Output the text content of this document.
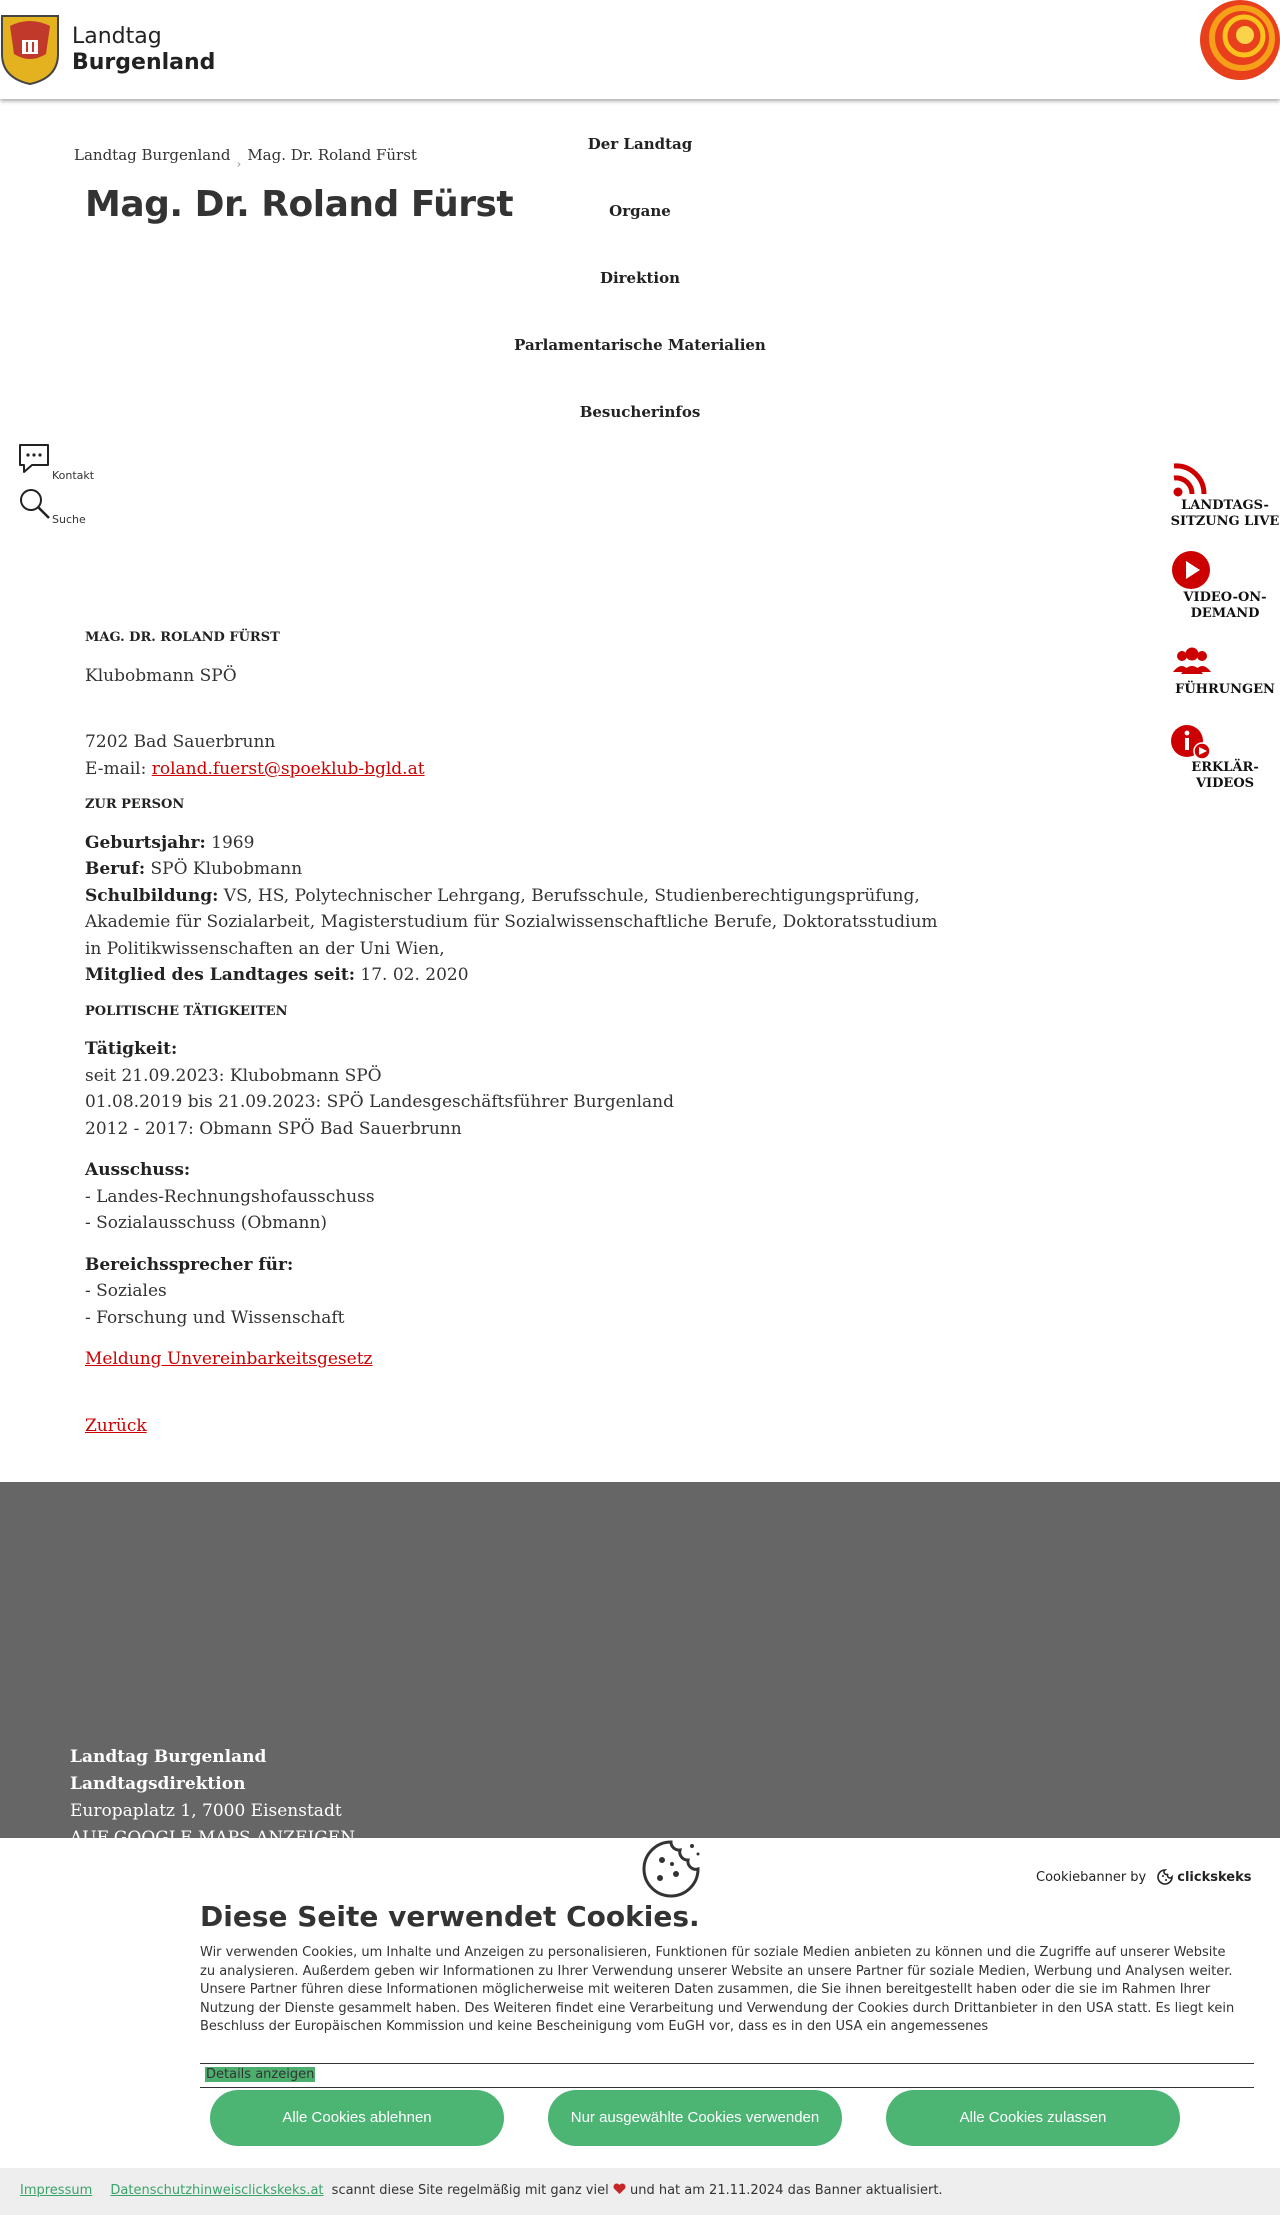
Landtag
Burgenland
Der Landtag
Organe
Direktion
Parlamentarische Materialien
Besucherinfos
Landtag Burgenland $_›$ Mag. Dr. Roland Fürst
Mag. Dr. Roland Fürst
Kontakt
Suche
LANDTAGS-
SITZUNG LIVE
VIDEO-ON-
DEMAND
FÜHRUNGEN
ERKLÄR-
VIDEOS
MAG. DR. ROLAND FÜRST
Klubobmann SPÖ
7202 Bad Sauerbrunn
E-mail: roland.fuerst@spoeklub-bgld.at
ZUR PERSON
Geburtsjahr: 1969
Beruf: SPÖ Klubobmann
Schulbildung: VS, HS, Polytechnischer Lehrgang, Berufsschule, Studienberechtigungsprüfung, Akademie für Sozialarbeit, Magisterstudium für Sozialwissenschaftliche Berufe, Doktoratsstudium in Politikwissenschaften an der Uni Wien,
Mitglied des Landtages seit: 17. 02. 2020
POLITISCHE TÄTIGKEITEN
Tätigkeit:
seit 21.09.2023: Klubobmann SPÖ
01.08.2019 bis 21.09.2023: SPÖ Landesgeschäftsführer Burgenland
2012 - 2017: Obmann SPÖ Bad Sauerbrunn
Ausschuss:
- Landes-Rechnungshofausschuss
- Sozialausschuss (Obmann)
Bereichssprecher für:
- Soziales
- Forschung und Wissenschaft
Meldung Unvereinbarkeitsgesetz
Zurück
Landtag Burgenland
Landtagsdirektion
Europaplatz 1, 7000 Eisenstadt
Cookiebanner by clickskeks
Diese Seite verwendet Cookies.
Wir verwenden Cookies, um Inhalte und Anzeigen zu personalisieren, Funktionen für soziale Medien anbieten zu können und die Zugriffe auf unserer Website zu analysieren. Außerdem geben wir Informationen zu Ihrer Verwendung unserer Website an unsere Partner für soziale Medien, Werbung und Analysen weiter. Unsere Partner führen diese Informationen möglicherweise mit weiteren Daten zusammen, die Sie ihnen bereitgestellt haben oder die sie im Rahmen Ihrer Nutzung der Dienste gesammelt haben. Des Weiteren findet eine Verarbeitung und Verwendung der Cookies durch Drittanbieter in den USA statt. Es liegt kein Beschluss der Europäischen Kommission und keine Bescheinigung vom EuGH vor, dass es in den USA ein angemessenes
Details anzeigen
Alle Cookies ablehnen	Nur ausgewählte Cookies verwenden	Alle Cookies zulassen
Impressum Datenschutzhinweisclickskeks.at scannt diese Site regelmäßig mit ganz viel und hat am 21.11.2024 das Banner aktualisiert.
